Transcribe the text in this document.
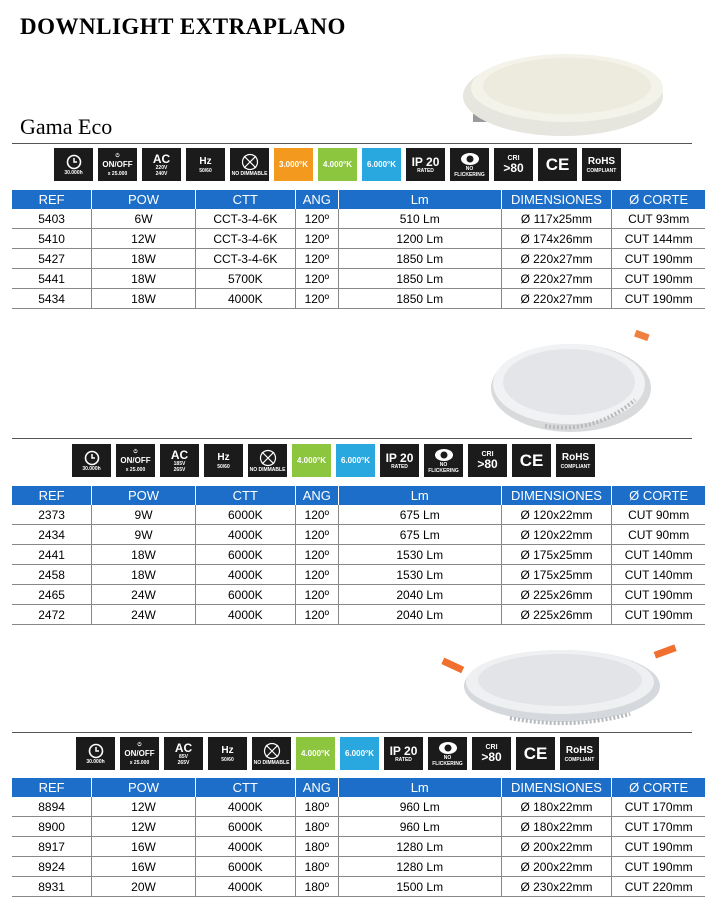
DOWNLIGHT EXTRAPLANO
Gama Eco
30.000h
⏻
ON/OFF
x 25.000
AC
220V
240V
Hz
50/60	NO DIMMABLE
3.000°K	4.000°K	6.000°K	IP 20
RATED	NO FLICKERING
CRI
>80 CE RoHS
COMPLIANT
REF	POW	CTT	ANG	Lm	DIMENSIONES	Ø CORTE
5403	6W	CCT-3-4-6K	120º	510 Lm	Ø 117x25mm	CUT 93mm
5410	12W	CCT-3-4-6K	120º	1200 Lm	Ø 174x26mm	CUT 144mm
5427	18W	CCT-3-4-6K	120º	1850 Lm	Ø 220x27mm	CUT 190mm
5441	18W	5700K	120º	1850 Lm	Ø 220x27mm	CUT 190mm
5434	18W	4000K	120º	1850 Lm	Ø 220x27mm	CUT 190mm
30.000h
⏻
ON/OFF
x 25.000
AC
185V
265V
Hz
50/60	NO DIMMABLE
4.000°K	6.000°K	IP 20
RATED	NO FLICKERING
CRI
>80 CE RoHS
COMPLIANT
REF	POW	CTT	ANG	Lm	DIMENSIONES	Ø CORTE
2373	9W	6000K	120º	675 Lm	Ø 120x22mm	CUT 90mm
2434	9W	4000K	120º	675 Lm	Ø 120x22mm	CUT 90mm
2441	18W	6000K	120º	1530 Lm	Ø 175x25mm	CUT 140mm
2458	18W	4000K	120º	1530 Lm	Ø 175x25mm	CUT 140mm
2465	24W	6000K	120º	2040 Lm	Ø 225x26mm	CUT 190mm
2472	24W	4000K	120º	2040 Lm	Ø 225x26mm	CUT 190mm
30.000h
⏻
ON/OFF
x 25.000
AC
85V
265V
Hz
50/60	NO DIMMABLE
4.000°K	6.000°K	IP 20
RATED	NO FLICKERING
CRI
>80 CE RoHS
COMPLIANT
REF	POW	CTT	ANG	Lm	DIMENSIONES	Ø CORTE
8894	12W	4000K	180º	960 Lm	Ø 180x22mm	CUT 170mm
8900	12W	6000K	180º	960 Lm	Ø 180x22mm	CUT 170mm
8917	16W	4000K	180º	1280 Lm	Ø 200x22mm	CUT 190mm
8924	16W	6000K	180º	1280 Lm	Ø 200x22mm	CUT 190mm
8931	20W	4000K	180º	1500 Lm	Ø 230x22mm	CUT 220mm
